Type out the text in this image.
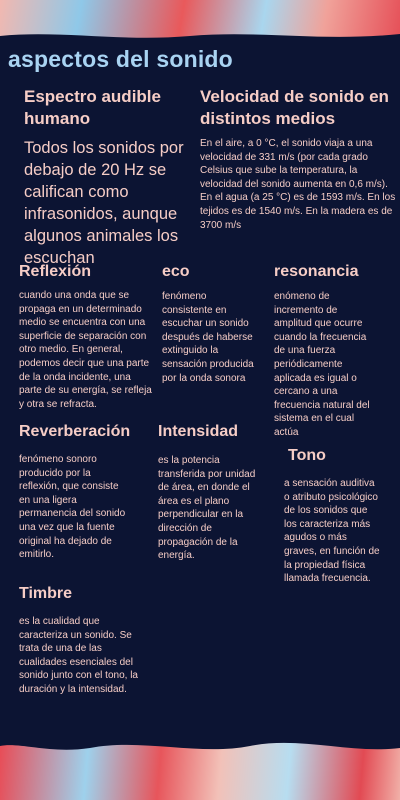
aspectos del sonido
Espectro audible humano
Todos los sonidos por debajo de 20 Hz se califican como infrasonidos, aunque algunos animales los escuchan
Velocidad de sonido en distintos medios
En el aire, a 0 °C, el sonido viaja a una velocidad de 331 m/s (por cada grado Celsius que sube la temperatura, la velocidad del sonido aumenta en 0,6 m/s). En el agua (a 25 °C) es de 1593 m/s. En los tejidos es de 1540 m/s. En la madera es de 3700 m/s
Reflexión
cuando una onda que se propaga en un determinado medio se encuentra con una superficie de separación con otro medio. En general, podemos decir que una parte de la onda incidente, una parte de su energía, se refleja y otra se refracta.
eco
fenómeno consistente en escuchar un sonido después de haberse extinguido la sensación producida por la onda sonora
resonancia
enómeno de incremento de amplitud que ocurre cuando la frecuencia de una fuerza periódicamente aplicada es igual o cercano a una frecuencia natural del sistema en el cual actúa
Reverberación
fenómeno sonoro producido por la reflexión, que consiste en una ligera permanencia del sonido una vez que la fuente original ha dejado de emitirlo.
Intensidad
es la potencia transferida por unidad de área, en donde el área es el plano perpendicular en la dirección de propagación de la energía.
Tono
a sensación auditiva o atributo psicológico de los sonidos que los caracteriza más agudos o más graves, en función de la propiedad física llamada frecuencia.
Timbre
es la cualidad que caracteriza un sonido. Se trata de una de las cualidades esenciales del sonido junto con el tono, la duración y la intensidad.
